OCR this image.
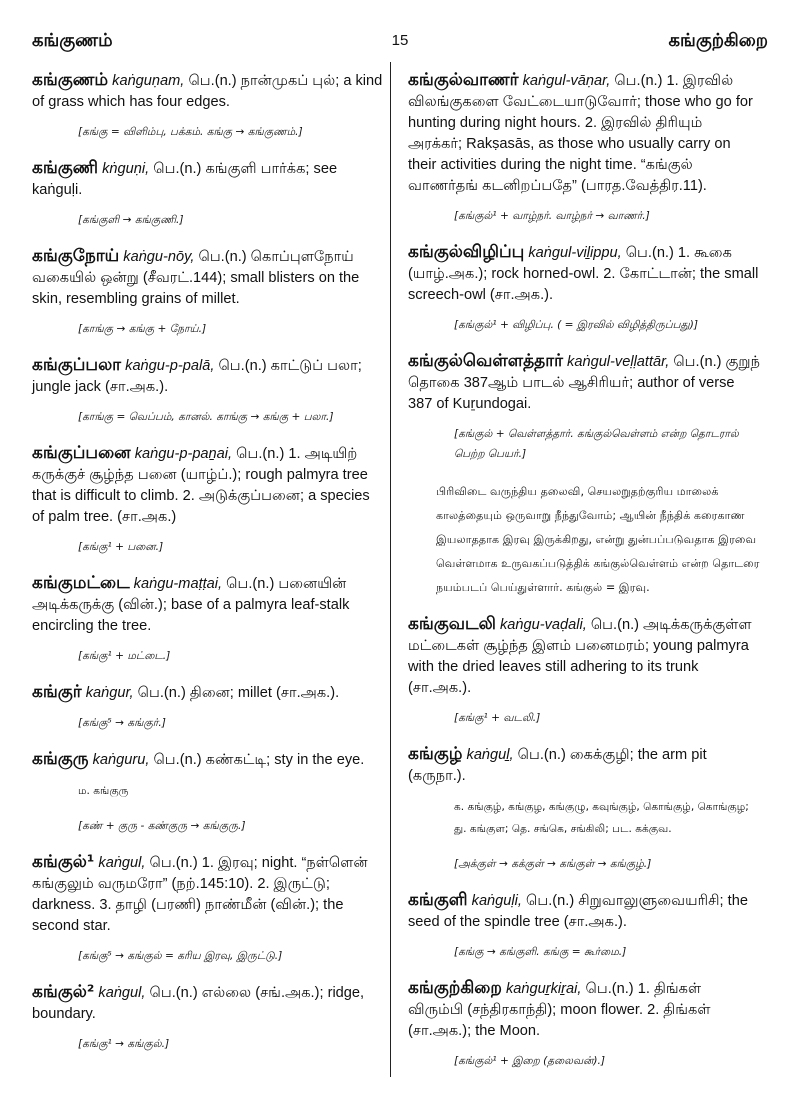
கங்குணம்	15	கங்குற்கிறை
கங்குணம் kaṅguṇam, பெ.(n.) நான்முகப் புல்; a kind of grass which has four edges.
[கங்கு = விளிம்பு, பக்கம். கங்கு → கங்குணம்.]
கங்குணி kṅguṇi, பெ.(n.) கங்குளி பார்க்க; see kaṅguḷi.
[கங்குளி → கங்குணி.]
கங்குநோய் kaṅgu-nōy, பெ.(n.) கொப்புளநோய் வகையில் ஒன்று (சீவரட்.144); small blisters on the skin, resembling grains of millet.
[காங்கு → கங்கு + நோய்.]
கங்குப்பலா kaṅgu-p-palā, பெ.(n.) காட்டுப் பலா; jungle jack (சா.அக.).
[காங்கு = வெப்பம், கானல். காங்கு → கங்கு + பலா.]
கங்குப்பனை kaṅgu-p-paṉai, பெ.(n.) 1. அடியிற் கருக்குச் சூழ்ந்த பனை (யாழ்ப்.); rough palmyra tree that is difficult to climb. 2. அடுக்குப்பனை; a species of palm tree. (சா.அக.)
[கங்கு¹ + பனை.]
கங்குமட்டை kaṅgu-maṭṭai, பெ.(n.) பனையின் அடிக்கருக்கு (வின்.); base of a palmyra leaf-stalk encircling the tree.
[கங்கு¹ + மட்டை.]
கங்குர் kaṅgur, பெ.(n.) தினை; millet (சா.அக.).
[கங்கு⁵ → கங்குர்.]
கங்குரு kaṅguru, பெ.(n.) கண்கட்டி; sty in the eye.
ம. கங்குரு
[கண் + குரு - கண்குரு → கங்குரு.]
கங்குல்¹ kaṅgul, பெ.(n.) 1. இரவு; night. “நள்ளென் கங்குலும் வருமரோ” (நற்.145:10). 2. இருட்டு; darkness. 3. தாழி (பரணி) நாண்மீன் (வின்.); the second star.
[கங்கு⁵ → கங்குல் = கரிய இரவு, இருட்டு.]
கங்குல்² kaṅgul, பெ.(n.) எல்லை (சங்.அக.); ridge, boundary.
[கங்கு¹ → கங்குல்.]
கங்குல்வாணர் kaṅgul-vāṇar, பெ.(n.) 1. இரவில் விலங்குகளை வேட்டையாடுவோர்; those who go for hunting during night hours. 2. இரவில் திரியும் அரக்கர்; Rakṣasās, as those who usually carry on their activities during the night time. “கங்குல் வாணர்தங் கடனிறப்பதே” (பாரத.வேத்திர.11).
[கங்குல்¹ + வாழ்நர். வாழ்நர் → வாணர்.]
கங்குல்விழிப்பு kaṅgul-viḻippu, பெ.(n.) 1. கூகை (யாழ்.அக.); rock horned-owl. 2. கோட்டான்; the small screech-owl (சா.அக.).
[கங்குல்¹ + விழிப்பு. ( = இரவில் விழித்திருப்பது)]
கங்குல்வெள்ளத்தார் kaṅgul-veḷḷattār, பெ.(n.) குறுந் தொகை 387ஆம் பாடல் ஆசிரியர்; author of verse 387 of Kuṟundogai.
[கங்குல் + வெள்ளத்தார். கங்குல்வெள்ளம் என்ற தொடரால் பெற்ற பெயர்.]
பிரிவிடை வருந்திய தலைவி, செயலறுதற்குரிய மாலைக் காலத்தையும் ஒருவாறு நீந்துவோம்; ஆயின் நீந்திக் கரைகாண இயலாததாக இரவு இருக்கிறது, என்று துன்பப்படுவதாக இரவை வெள்ளமாக உருவகப்படுத்திக் கங்குல்வெள்ளம் என்ற தொடரை நயம்படப் பெய்துள்ளார். கங்குல் = இரவு.
கங்குவடலி kaṅgu-vaḍali, பெ.(n.) அடிக்கருக்குள்ள மட்டைகள் சூழ்ந்த இளம் பனைமரம்; young palmyra with the dried leaves still adhering to its trunk (சா.அக.).
[கங்கு¹ + வடலி.]
கங்குழ் kaṅguḻ, பெ.(n.) கைக்குழி; the arm pit (கருநா.).
க. கங்குழ், கங்குழ, கங்குழு, கவுங்குழ், கொங்குழ், கொங்குழ; து. கங்குள; தெ. சங்கெ, சங்கிலி; பட. கக்குவ.
[அக்குள் → கக்குள் → கங்குள் → கங்குழ்.]
கங்குளி kaṅguḷi, பெ.(n.) சிறுவாலுளுவையரிசி; the seed of the spindle tree (சா.அக.).
[கங்கு → கங்குளி. கங்கு = கூர்மை.]
கங்குற்கிறை kaṅguṟkiṟai, பெ.(n.) 1. திங்கள் விரும்பி (சந்திரகாந்தி); moon flower. 2. திங்கள் (சா.அக.); the Moon.
[கங்குல்¹ + இறை (தலைவன்).]
